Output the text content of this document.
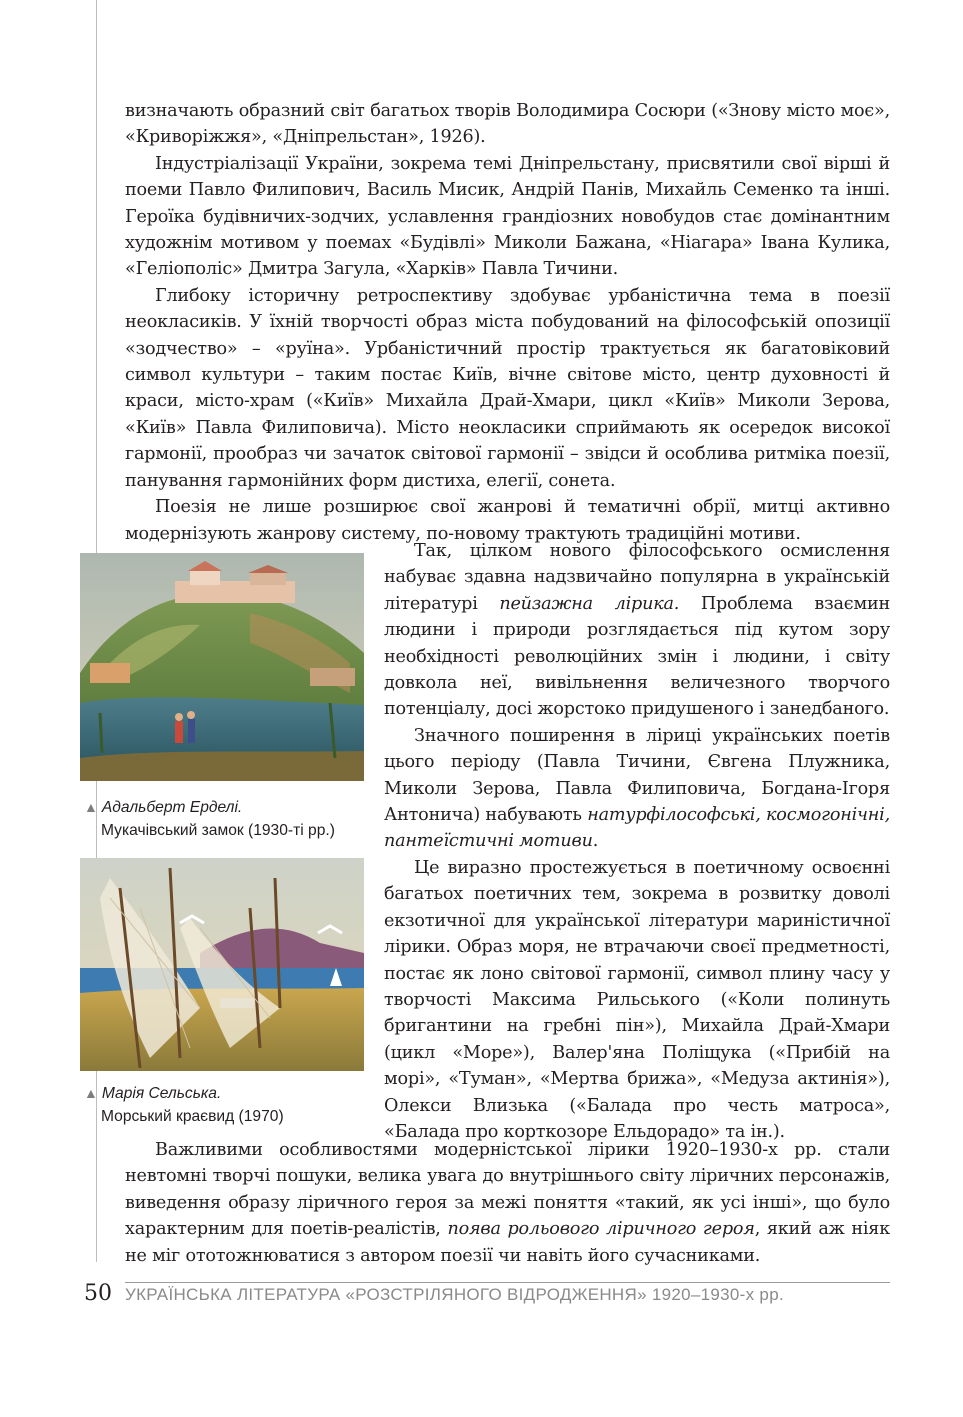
визначають образний світ багатьох творів Володимира Сосюри («Знову місто моє», «Криворіжжя», «Дніпрельстан», 1926).

Індустріалізації України, зокрема темі Дніпрельстану, присвятили свої вірші й поеми Павло Филипович, Василь Мисик, Андрій Панів, Михайль Семенко та інші. Героїка будівничих-зодчих, уславлення грандіозних новобудов стає домінантним художнім мотивом у поемах «Будівлі» Миколи Бажана, «Ніагара» Івана Кулика, «Геліополіс» Дмитра Загула, «Харків» Павла Тичини.

Глибоку історичну ретроспективу здобуває урбаністична тема в поезії неокласиків. У їхній творчості образ міста побудований на філософській опозиції «зодчество» – «руїна». Урбаністичний простір трактується як багатовіковий символ культури – таким постає Київ, вічне світове місто, центр духовності й краси, місто-храм («Київ» Михайла Драй-Хмари, цикл «Київ» Миколи Зерова, «Київ» Павла Филиповича). Місто неокласики сприймають як осередок високої гармонії, прообраз чи зачаток світової гармонії – звідси й особлива ритміка поезії, панування гармонійних форм дистиха, елегії, сонета.

Поезія не лише розширює свої жанрові й тематичні обрії, митці активно модернізують жанрову систему, по-новому трактують традиційні мотиви.

▲ Адальберт Ерделі.
Мукачівський замок (1930-ті рр.)
▲ Марія Сельська.
Морський краєвид (1970)

Так, цілком нового філософського осмислення набуває здавна надзвичайно популярна в українській літературі пейзажна лірика. Проблема взаємин людини і природи розглядається під кутом зору необхідності революційних змін і людини, і світу довкола неї, вивільнення величезного творчого потенціалу, досі жорстоко придушеного і занедбаного.

Значного поширення в ліриці українських поетів цього періоду (Павла Тичини, Євгена Плужника, Миколи Зерова, Павла Филиповича, Богдана-Ігоря Антонича) набувають натурфілософські, космогонічні, пантеїстичні мотиви.

Це виразно простежується в поетичному освоєнні багатьох поетичних тем, зокрема в розвитку доволі екзотичної для української літератури мариністичної лірики. Образ моря, не втрачаючи своєї предметності, постає як лоно світової гармонії, символ плину часу у творчості Максима Рильського («Коли полинуть бригантини на гребні пін»), Михайла Драй-Хмари (цикл «Море»), Валер'яна Поліщука («Прибій на морі», «Туман», «Мертва брижа», «Медуза актинія»), Олекси Влизька («Балада про честь матроса», «Балада про корткозоре Ельдорадо» та ін.).

Важливими особливостями модерністської лірики 1920–1930-х рр. стали невтомні творчі пошуки, велика увага до внутрішнього світу ліричних персонажів, виведення образу ліричного героя за межі поняття «такий, як усі інші», що було характерним для поетів-реалістів, поява рольового ліричного героя, який аж ніяк не міг ототожнюватися з автором поезії чи навіть його сучасниками.

50 УКРАЇНСЬКА ЛІТЕРАТУРА «РОЗСТРІЛЯНОГО ВІДРОДЖЕННЯ» 1920–1930-х рр.
